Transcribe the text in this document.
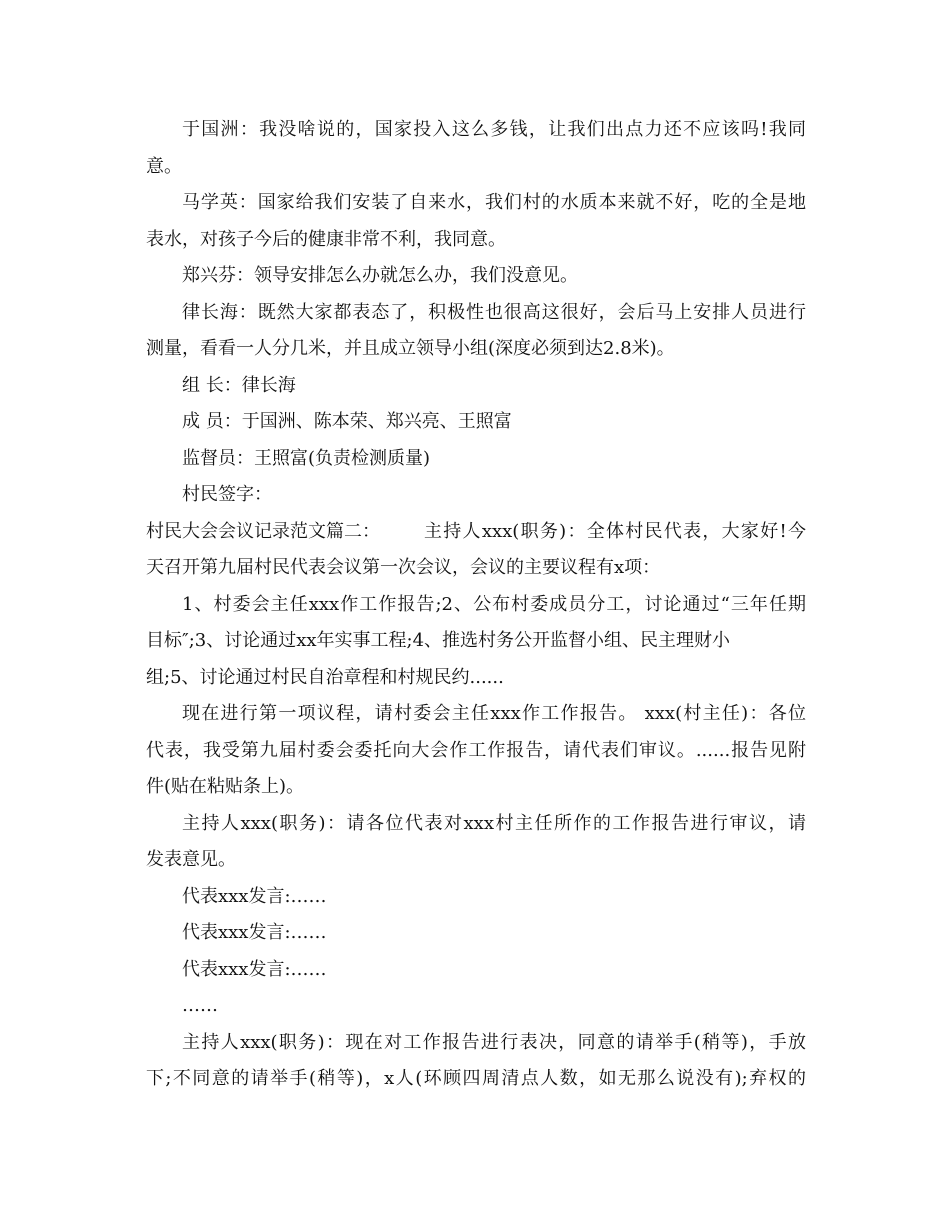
于国洲：我没啥说的，国家投入这么多钱，让我们出点力还不应该吗!我同
意。
马学英：国家给我们安装了自来水，我们村的水质本来就不好，吃的全是地
表水，对孩子今后的健康非常不利，我同意。
郑兴芬：领导安排怎么办就怎么办，我们没意见。
律长海：既然大家都表态了，积极性也很高这很好，会后马上安排人员进行
测量，看看一人分几米，并且成立领导小组(深度必须到达2.8米)。
组 长：律长海
成 员：于国洲、陈本荣、郑兴亮、王照富
监督员：王照富(负责检测质量)
村民签字：
村民大会会议记录范文篇二：	主持人xxx(职务)：全体村民代表，大家好!今
天召开第九届村民代表会议第一次会议，会议的主要议程有x项：
1、村委会主任xxx作工作报告;2、公布村委成员分工，讨论通过“三年任期
目标″;3、讨论通过xx年实事工程;4、推选村务公开监督小组、民主理财小
组;5、讨论通过村民自治章程和村规民约......
现在进行第一项议程，请村委会主任xxx作工作报告。 xxx(村主任)：各位
代表，我受第九届村委会委托向大会作工作报告，请代表们审议。......报告见附
件(贴在粘贴条上)。
主持人xxx(职务)：请各位代表对xxx村主任所作的工作报告进行审议，请
发表意见。
代表xxx发言:……
代表xxx发言:……
代表xxx发言:……
……
主持人xxx(职务)：现在对工作报告进行表决，同意的请举手(稍等)，手放
下;不同意的请举手(稍等)，x人(环顾四周清点人数，如无那么说没有);弃权的
